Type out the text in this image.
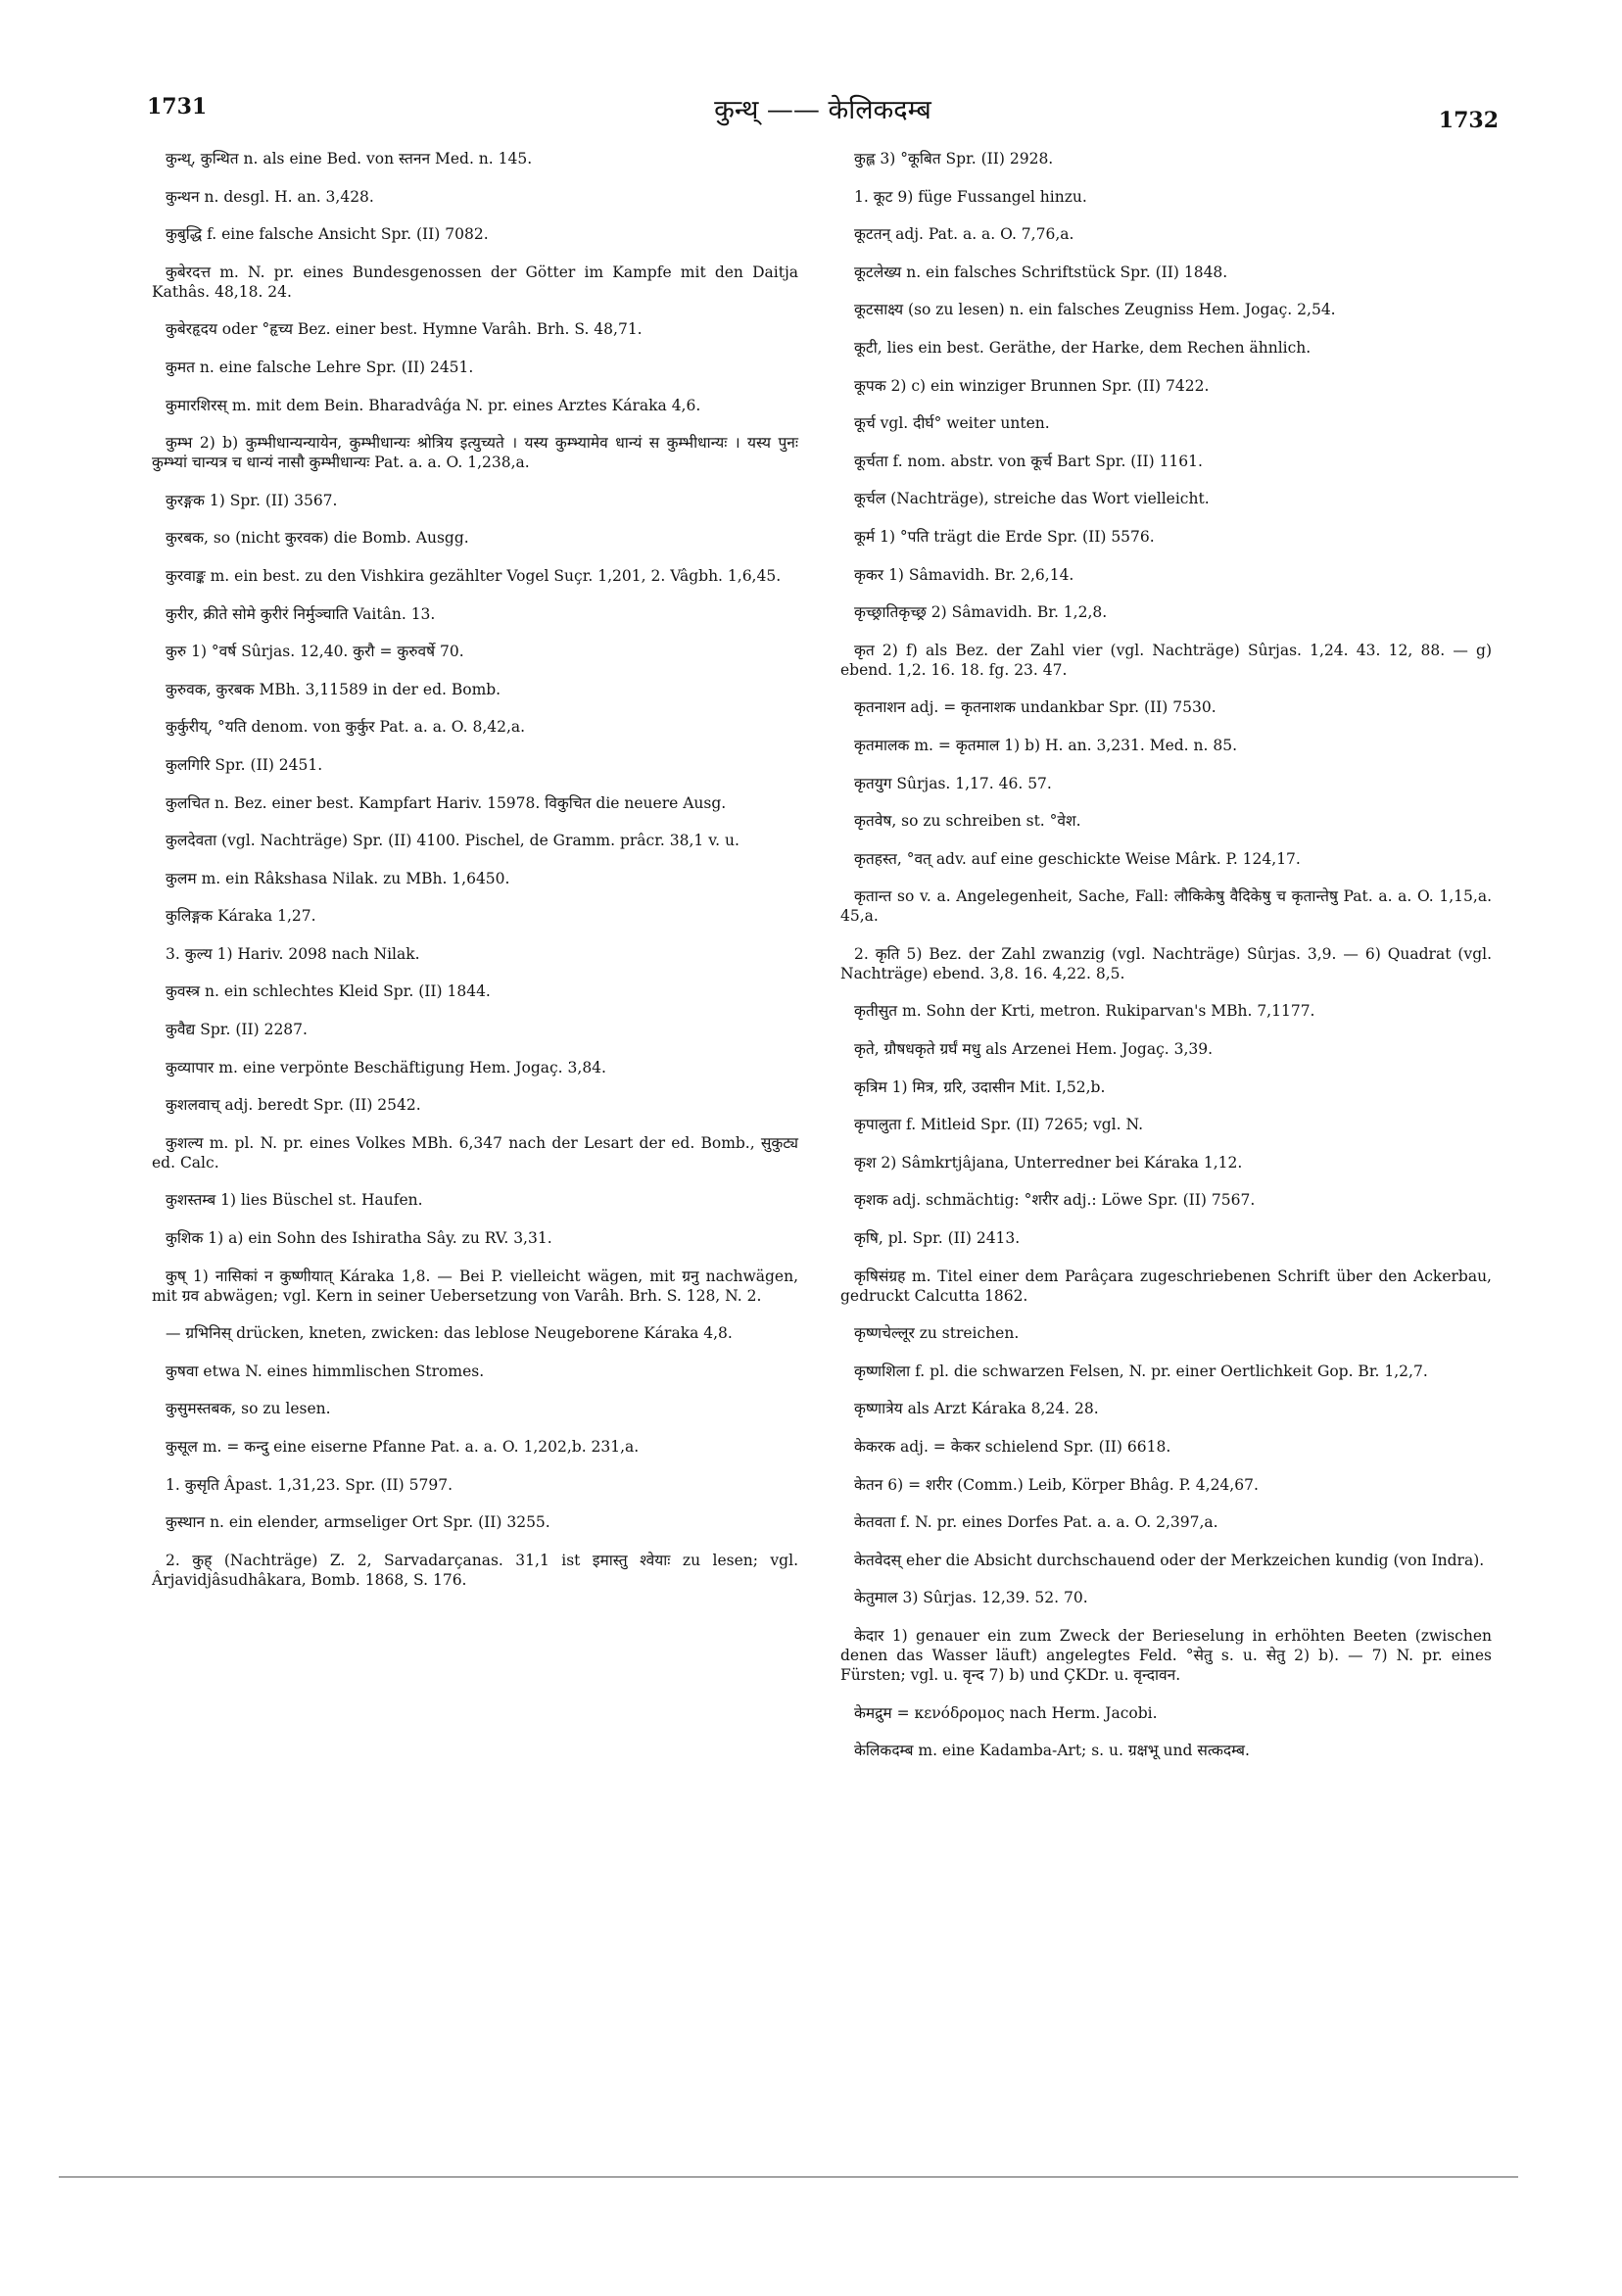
1731	कुन्थ् —— केलिकदम्ब	1732

कुन्थ्, कुन्थित n. als eine Bed. von स्तनन Med. n. 145.

कुन्थन n. desgl. H. an. 3,428.

कुबुद्धि f. eine falsche Ansicht Spr. (II) 7082.

कुबेरदत्त m. N. pr. eines Bundesgenossen der Götter im Kampfe mit den Daitja Kathâs. 48,18. 24.

कुबेरहृदय oder °हृच्य Bez. einer best. Hymne Varâh. Brh. S. 48,71.

कुमत n. eine falsche Lehre Spr. (II) 2451.

कुमारशिरस् m. mit dem Bein. Bharadvâǵa N. pr. eines Arztes Káraka 4,6.

कुम्भ 2) b) कुम्भीधान्यन्यायेन, कुम्भीधान्यः श्रोत्रिय इत्युच्यते । यस्य कुम्भ्यामेव धान्यं स कुम्भीधान्यः । यस्य पुनः कुम्भ्यां चान्यत्र च धान्यं नासौ कुम्भीधान्यः Pat. a. a. O. 1,238,a.

कुरङ्गक 1) Spr. (II) 3567.

कुरबक, so (nicht कुरवक) die Bomb. Ausgg.

कुरवाङ्क m. ein best. zu den Vishkira gezählter Vogel Suçr. 1,201, 2. Vâgbh. 1,6,45.

कुरीर, क्रीते सोमे कुरीरं निर्मुञ्चाति Vaitân. 13.

कुरु 1) °वर्ष Sûrjas. 12,40. कुरौ = कुरुवर्षे 70.

कुरुवक, कुरबक MBh. 3,11589 in der ed. Bomb.

कुर्कुरीय्, °यति denom. von कुर्कुर Pat. a. a. O. 8,42,a.

कुलगिरि Spr. (II) 2451.

कुलचित n. Bez. einer best. Kampfart Hariv. 15978. विकुचित die neuere Ausg.

कुलदेवता (vgl. Nachträge) Spr. (II) 4100. Pischel, de Gramm. prâcr. 38,1 v. u.

कुलम m. ein Râkshasa Nilak. zu MBh. 1,6450.

कुलिङ्गक Káraka 1,27.

3. कुल्य 1) Hariv. 2098 nach Nilak.

कुवस्त्र n. ein schlechtes Kleid Spr. (II) 1844.

कुवैद्य Spr. (II) 2287.

कुव्यापार m. eine verpönte Beschäftigung Hem. Jogaç. 3,84.

कुशलवाच् adj. beredt Spr. (II) 2542.

कुशल्य m. pl. N. pr. eines Volkes MBh. 6,347 nach der Lesart der ed. Bomb., सुकुट्य ed. Calc.

कुशस्तम्ब 1) lies Büschel st. Haufen.

कुशिक 1) a) ein Sohn des Ishiratha Sây. zu RV. 3,31.

कुष् 1) नासिकां न कुष्णीयात् Káraka 1,8. — Bei P. vielleicht wägen, mit ग्रनु nachwägen, mit ग्रव abwägen; vgl. Kern in seiner Uebersetzung von Varâh. Brh. S. 128, N. 2.

— ग्रभिनिस् drücken, kneten, zwicken: das leblose Neugeborene Káraka 4,8.

कुषवा etwa N. eines himmlischen Stromes.

कुसुमस्तबक, so zu lesen.

कुसूल m. = कन्दु eine eiserne Pfanne Pat. a. a. O. 1,202,b. 231,a.

1. कुसृति Âpast. 1,31,23. Spr. (II) 5797.

कुस्थान n. ein elender, armseliger Ort Spr. (II) 3255.

2. कुह् (Nachträge) Z. 2, Sarvadarçanas. 31,1 ist इमास्तु श्वेयाः zu lesen; vgl. Ârjavidjâsudhâkara, Bomb. 1868, S. 176.

कुह्ल 3) °कूबित Spr. (II) 2928.

1. कूट 9) füge Fussangel hinzu.

कूटतन् adj. Pat. a. a. O. 7,76,a.

कूटलेख्य n. ein falsches Schriftstück Spr. (II) 1848.

कूटसाक्ष्य (so zu lesen) n. ein falsches Zeugniss Hem. Jogaç. 2,54.

कूटी, lies ein best. Geräthe, der Harke, dem Rechen ähnlich.

कूपक 2) c) ein winziger Brunnen Spr. (II) 7422.

कूर्च vgl. दीर्घ° weiter unten.

कूर्चता f. nom. abstr. von कूर्च Bart Spr. (II) 1161.

कूर्चल (Nachträge), streiche das Wort vielleicht.

कूर्म 1) °पति trägt die Erde Spr. (II) 5576.

कृकर 1) Sâmavidh. Br. 2,6,14.

कृच्छ्रातिकृच्छ्र 2) Sâmavidh. Br. 1,2,8.

कृत 2) f) als Bez. der Zahl vier (vgl. Nachträge) Sûrjas. 1,24. 43. 12, 88. — g) ebend. 1,2. 16. 18. fg. 23. 47.

कृतनाशन adj. = कृतनाशक undankbar Spr. (II) 7530.

कृतमालक m. = कृतमाल 1) b) H. an. 3,231. Med. n. 85.

कृतयुग Sûrjas. 1,17. 46. 57.

कृतवेष, so zu schreiben st. °वेश.

कृतहस्त, °वत् adv. auf eine geschickte Weise Mârk. P. 124,17.

कृतान्त so v. a. Angelegenheit, Sache, Fall: लौकिकेषु वैदिकेषु च कृतान्तेषु Pat. a. a. O. 1,15,a. 45,a.

2. कृति 5) Bez. der Zahl zwanzig (vgl. Nachträge) Sûrjas. 3,9. — 6) Quadrat (vgl. Nachträge) ebend. 3,8. 16. 4,22. 8,5.

कृतीसुत m. Sohn der Krti, metron. Rukiparvan's MBh. 7,1177.

कृते, ग्रौषधकृते ग्रर्घं मधु als Arzenei Hem. Jogaç. 3,39.

कृत्रिम 1) मित्र, ग्ररि, उदासीन Mit. I,52,b.

कृपालुता f. Mitleid Spr. (II) 7265; vgl. N.

कृश 2) Sâmkrtjâjana, Unterredner bei Káraka 1,12.

कृशक adj. schmächtig: °शरीर adj.: Löwe Spr. (II) 7567.

कृषि, pl. Spr. (II) 2413.

कृषिसंग्रह m. Titel einer dem Parâçara zugeschriebenen Schrift über den Ackerbau, gedruckt Calcutta 1862.

कृष्णचेल्लूर zu streichen.

कृष्णशिला f. pl. die schwarzen Felsen, N. pr. einer Oertlichkeit Gop. Br. 1,2,7.

कृष्णात्रेय als Arzt Káraka 8,24. 28.

केकरक adj. = केकर schielend Spr. (II) 6618.

केतन 6) = शरीर (Comm.) Leib, Körper Bhâg. P. 4,24,67.

केतवता f. N. pr. eines Dorfes Pat. a. a. O. 2,397,a.

केतवेदस् eher die Absicht durchschauend oder der Merkzeichen kundig (von Indra).

केतुमाल 3) Sûrjas. 12,39. 52. 70.

केदार 1) genauer ein zum Zweck der Berieselung in erhöhten Beeten (zwischen denen das Wasser läuft) angelegtes Feld. °सेतु s. u. सेतु 2) b). — 7) N. pr. eines Fürsten; vgl. u. वृन्द 7) b) und ÇKDr. u. वृन्दावन.

केमद्रुम = κενόδρομος nach Herm. Jacobi.

केलिकदम्ब m. eine Kadamba-Art; s. u. ग्रक्षभू und सत्कदम्ब.
